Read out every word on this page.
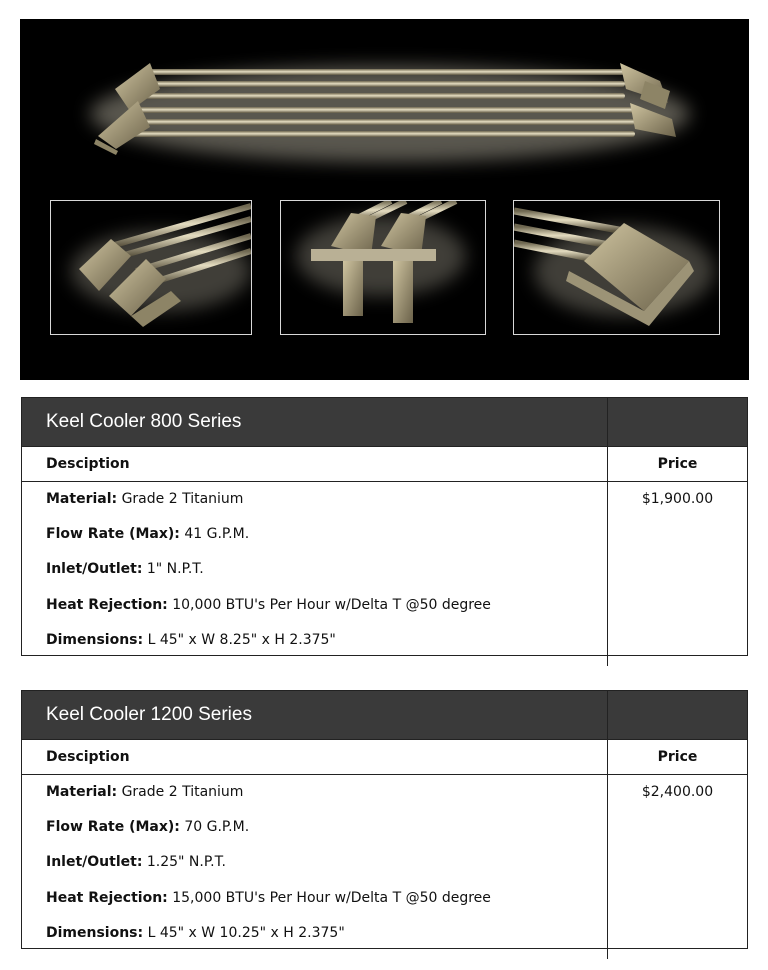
Keel Cooler 800 Series
Desciption	Price
Material: Grade 2 Titanium
Flow Rate (Max): 41 G.P.M.
Inlet/Outlet: 1" N.P.T.
Heat Rejection: 10,000 BTU's Per Hour w/Delta T @50 degree
Dimensions: L 45" x W 8.25" x H 2.375"
$1,900.00
Keel Cooler 1200 Series
Desciption	Price
Material: Grade 2 Titanium
Flow Rate (Max): 70 G.P.M.
Inlet/Outlet: 1.25" N.P.T.
Heat Rejection: 15,000 BTU's Per Hour w/Delta T @50 degree
Dimensions: L 45" x W 10.25" x H 2.375"
$2,400.00
